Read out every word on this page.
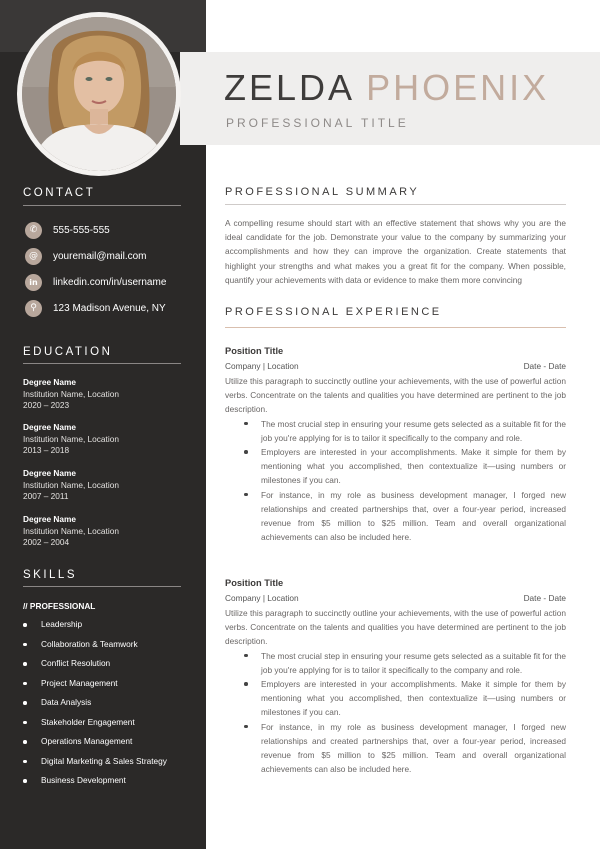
ZELDA PHOENIX
PROFESSIONAL TITLE
CONTACT
✆	555-555-555
@	youremail@mail.com
in	linkedin.com/in/username
⚲	123 Madison Avenue, NY
EDUCATION
Degree Name
Institution Name, Location
2020 – 2023
Degree Name
Institution Name, Location
2013 – 2018
Degree Name
Institution Name, Location
2007 – 2011
Degree Name
Institution Name, Location
2002 – 2004
SKILLS
// PROFESSIONAL
Leadership
Collaboration & Teamwork
Conflict Resolution
Project Management
Data Analysis
Stakeholder Engagement
Operations Management
Digital Marketing & Sales Strategy
Business Development
PROFESSIONAL SUMMARY

A compelling resume should start with an effective statement that shows why you are the ideal candidate for the job. Demonstrate your value to the company by summarizing your accomplishments and how they can improve the organization. Create statements that highlight your strengths and what makes you a great fit for the company. When possible, quantify your achievements with data or evidence to make them more convincing

PROFESSIONAL EXPERIENCE
Position Title
Company | Location	Date - Date

Utilize this paragraph to succinctly outline your achievements, with the use of powerful action verbs. Concentrate on the talents and qualities you have determined are pertinent to the job description.

The most crucial step in ensuring your resume gets selected as a suitable fit for the job you're applying for is to tailor it specifically to the company and role.
Employers are interested in your accomplishments. Make it simple for them by mentioning what you accomplished, then contextualize it—using numbers or milestones if you can.
For instance, in my role as business development manager, I forged new relationships and created partnerships that, over a four-year period, increased revenue from $5 million to $25 million. Team and overall organizational achievements can also be included here.
Position Title
Company | Location	Date - Date

Utilize this paragraph to succinctly outline your achievements, with the use of powerful action verbs. Concentrate on the talents and qualities you have determined are pertinent to the job description.

The most crucial step in ensuring your resume gets selected as a suitable fit for the job you're applying for is to tailor it specifically to the company and role.
Employers are interested in your accomplishments. Make it simple for them by mentioning what you accomplished, then contextualize it—using numbers or milestones if you can.
For instance, in my role as business development manager, I forged new relationships and created partnerships that, over a four-year period, increased revenue from $5 million to $25 million. Team and overall organizational achievements can also be included here.
